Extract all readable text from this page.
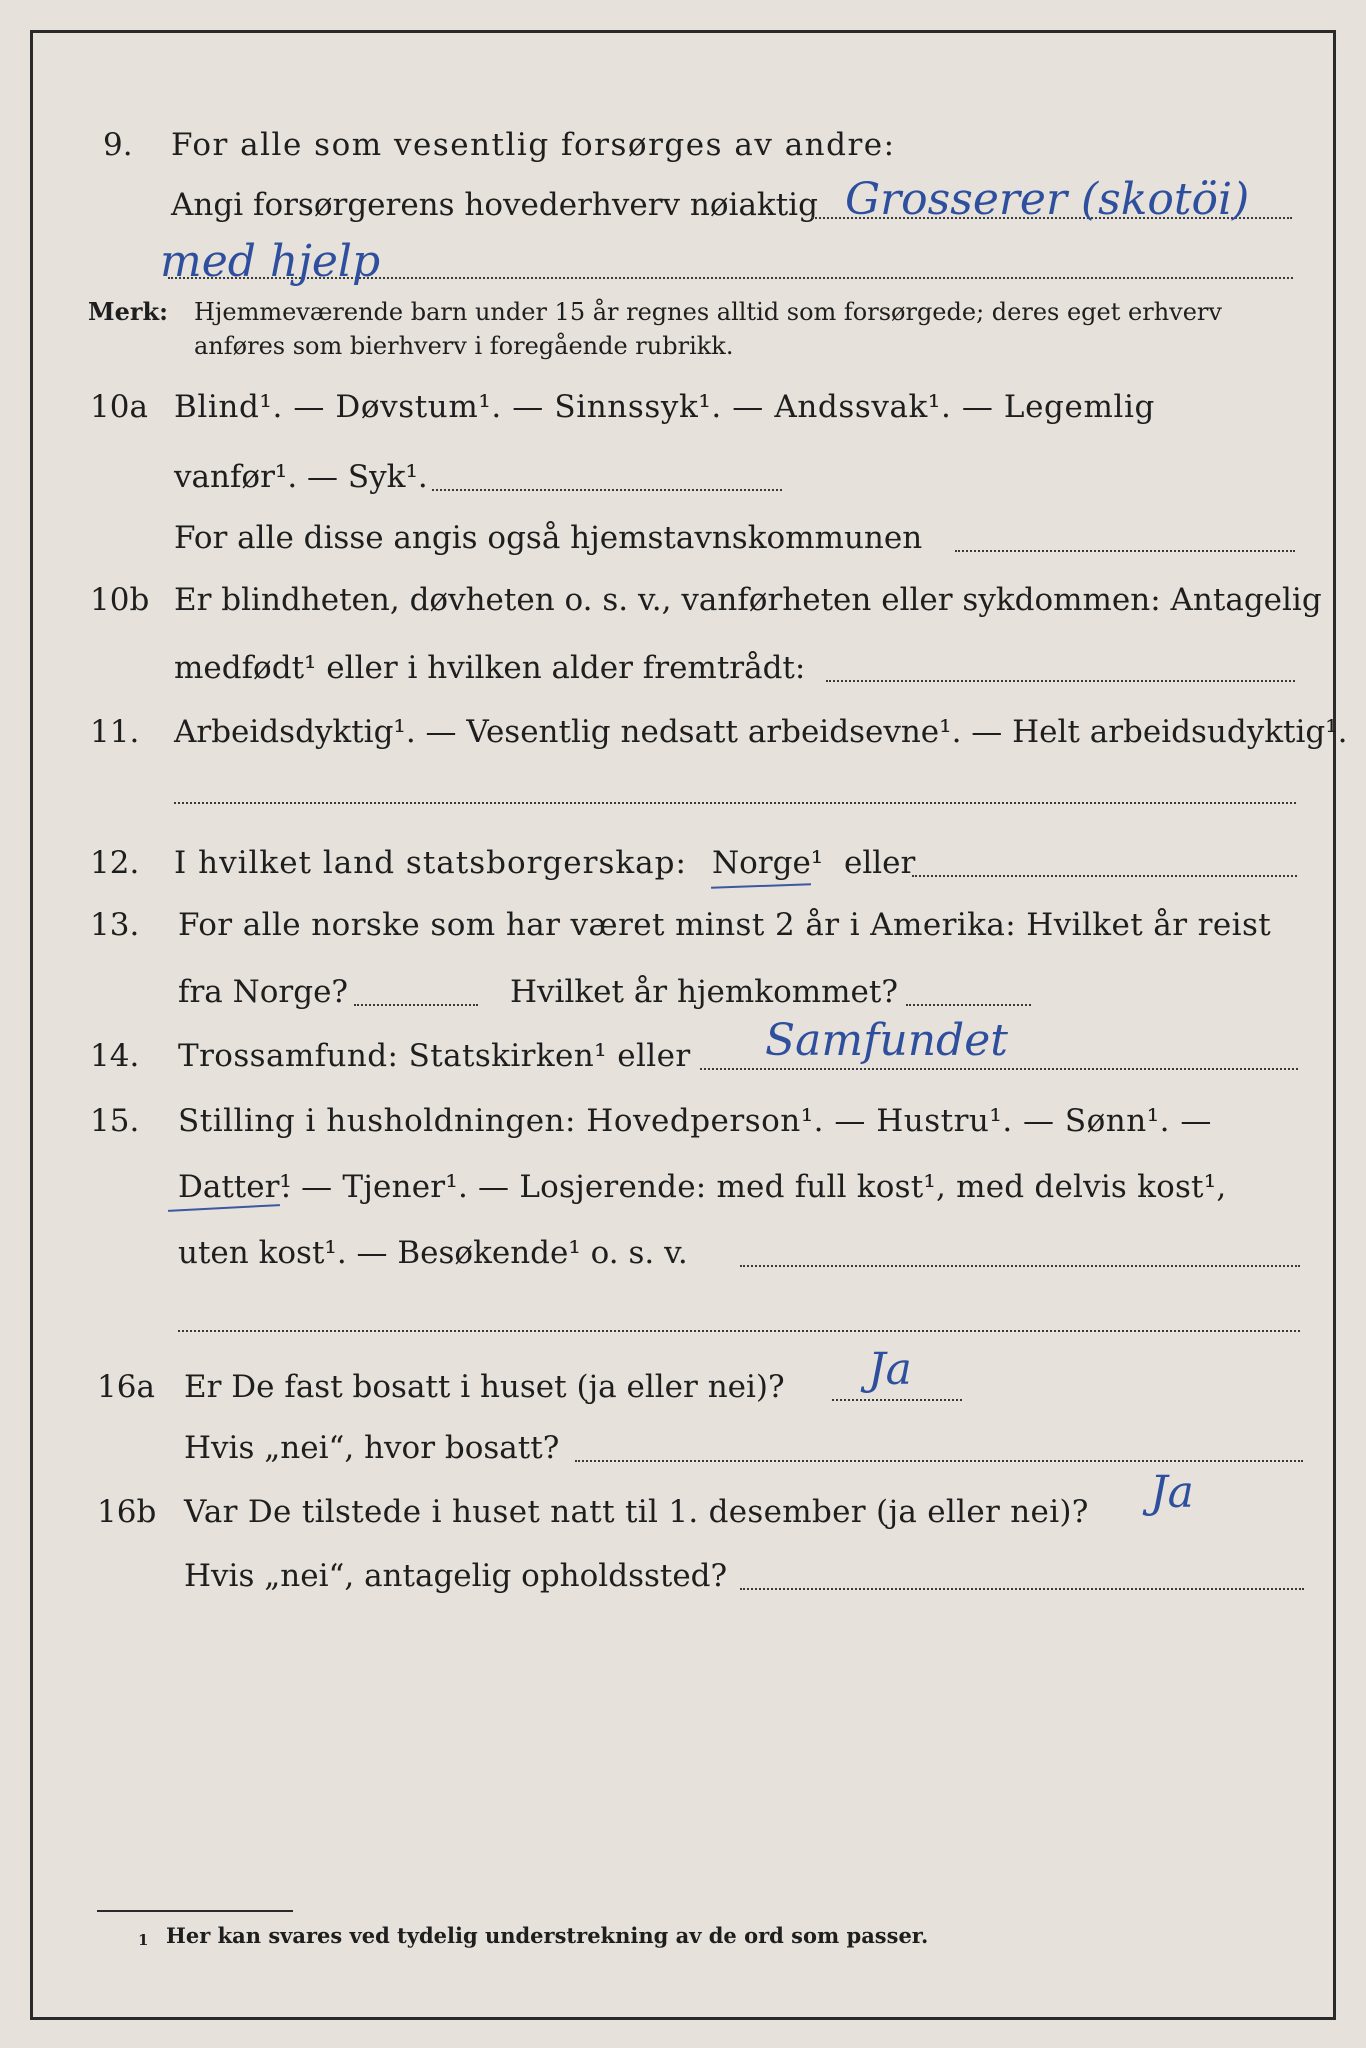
9. For alle som vesentlig forsørges av andre:
Angi forsørgerens hovederhverv nøiaktig Grosserer (skotöi)
med hjelp
Merk: Hjemmeværende barn under 15 år regnes alltid som forsørgede; deres eget erhverv
anføres som bierhverv i foregående rubrikk.
10a Blind¹. — Døvstum¹. — Sinnssyk¹. — Andssvak¹. — Legemlig
vanfør¹. — Syk¹.
For alle disse angis også hjemstavnskommunen
10b Er blindheten, døvheten o. s. v., vanførheten eller sykdommen: Antagelig
medfødt¹ eller i hvilken alder fremtrådt:
11. Arbeidsdyktig¹. — Vesentlig nedsatt arbeidsevne¹. — Helt arbeidsudyktig¹.
12. I hvilket land statsborgerskap: Norge¹ eller
13. For alle norske som har været minst 2 år i Amerika: Hvilket år reist
fra Norge?	Hvilket år hjemkommet?
14. Trossamfund: Statskirken¹ eller Samfundet
15. Stilling i husholdningen: Hovedperson¹. — Hustru¹. — Sønn¹. —
Datter¹
. — Tjener¹. — Losjerende: med full kost¹, med delvis kost¹,
uten kost¹. — Besøkende¹ o. s. v.
16a Er De fast bosatt i huset (ja eller nei)? Ja
Hvis „nei“, hvor bosatt?
16b Var De tilstede i huset natt til 1. desember (ja eller nei)? Ja
Hvis „nei“, antagelig opholdssted?
1 Her kan svares ved tydelig understrekning av de ord som passer.
